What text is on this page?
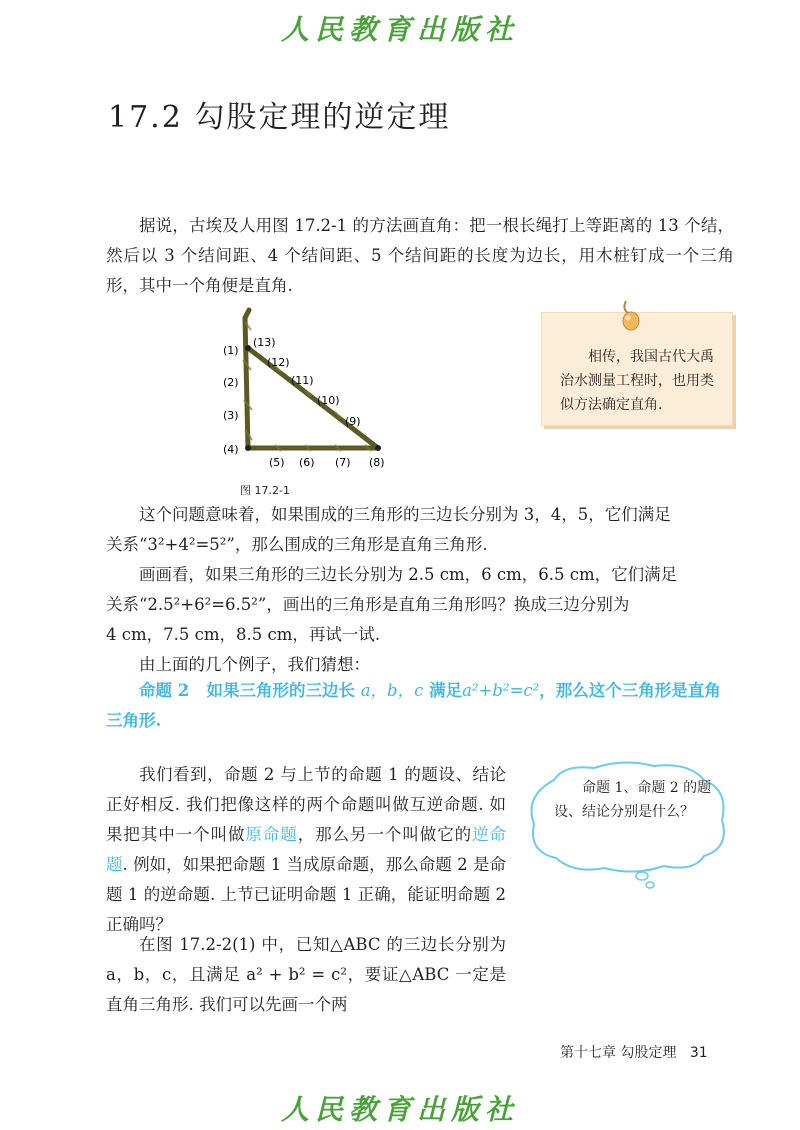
人民教育出版社
17.2 勾股定理的逆定理
据说，古埃及人用图 17.2-1 的方法画直角：把一根长绳打上等距离的 13 个结，然后以 3 个结间距、4 个结间距、5 个结间距的长度为边长，用木桩钉成一个三角形，其中一个角便是直角.
(1)
(2)
(3)
(4)
(5) (6) (7) (8)
(13)
(12)
(11)
(10)
(9)
图 17.2-1
相传，我国古代大禹治水测量工程时，也用类似方法确定直角.
这个问题意味着，如果围成的三角形的三边长分别为 3，4，5，它们满足
关系“3²+4²=5²”，那么围成的三角形是直角三角形.
画画看，如果三角形的三边长分别为 2.5 cm，6 cm，6.5 cm，它们满足
关系“2.5²+6²=6.5²”，画出的三角形是直角三角形吗？换成三边分别为
4 cm，7.5 cm，8.5 cm，再试一试.
由上面的几个例子，我们猜想：
命题 2 如果三角形的三边长 a，b，c 满足a²+b²=c²，那么这个三角形是直角三角形.
我们看到，命题 2 与上节的命题 1 的题设、结论正好相反. 我们把像这样的两个命题叫做互逆命题. 如果把其中一个叫做原命题，那么另一个叫做它的逆命题. 例如，如果把命题 1 当成原命题，那么命题 2 是命题 1 的逆命题. 上节已证明命题 1 正确，能证明命题 2 正确吗？
在图 17.2-2(1) 中，已知△ABC 的三边长分别为 a，b，c，且满足 a² + b² = c²，要证△ABC 一定是直角三角形. 我们可以先画一个两
命题 1、命题 2 的题设、结论分别是什么？
第十七章 勾股定理 31
人民教育出版社
